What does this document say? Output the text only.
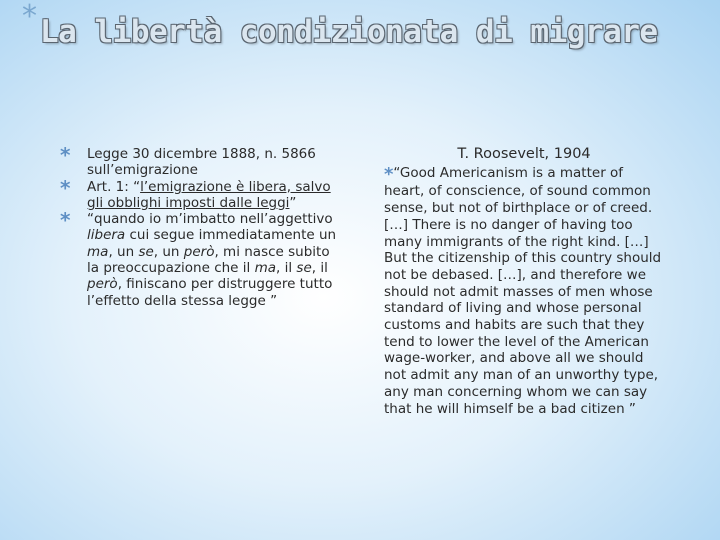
* La libertà condizionata di migrare

* Legge 30 dicembre 1888, n. 5866 sull’emigrazione

* Art. 1: “l’emigrazione è libera, salvo gli obblighi imposti dalle leggi”

* “quando io m’imbatto nell’aggettivo libera cui segue immediatamente un ma, un se, un però, mi nasce subito la preoccupazione che il ma, il se, il però, finiscano per distruggere tutto l’effetto della stessa legge ”

T. Roosevelt, 1904

*“Good Americanism is a matter of heart, of conscience, of sound common sense, but not of birthplace or of creed. […] There is no danger of having too many immigrants of the right kind. […] But the citizenship of this country should not be debased. […], and therefore we should not admit masses of men whose standard of living and whose personal customs and habits are such that they tend to lower the level of the American wage-worker, and above all we should not admit any man of an unworthy type, any man concerning whom we can say that he will himself be a bad citizen ”
